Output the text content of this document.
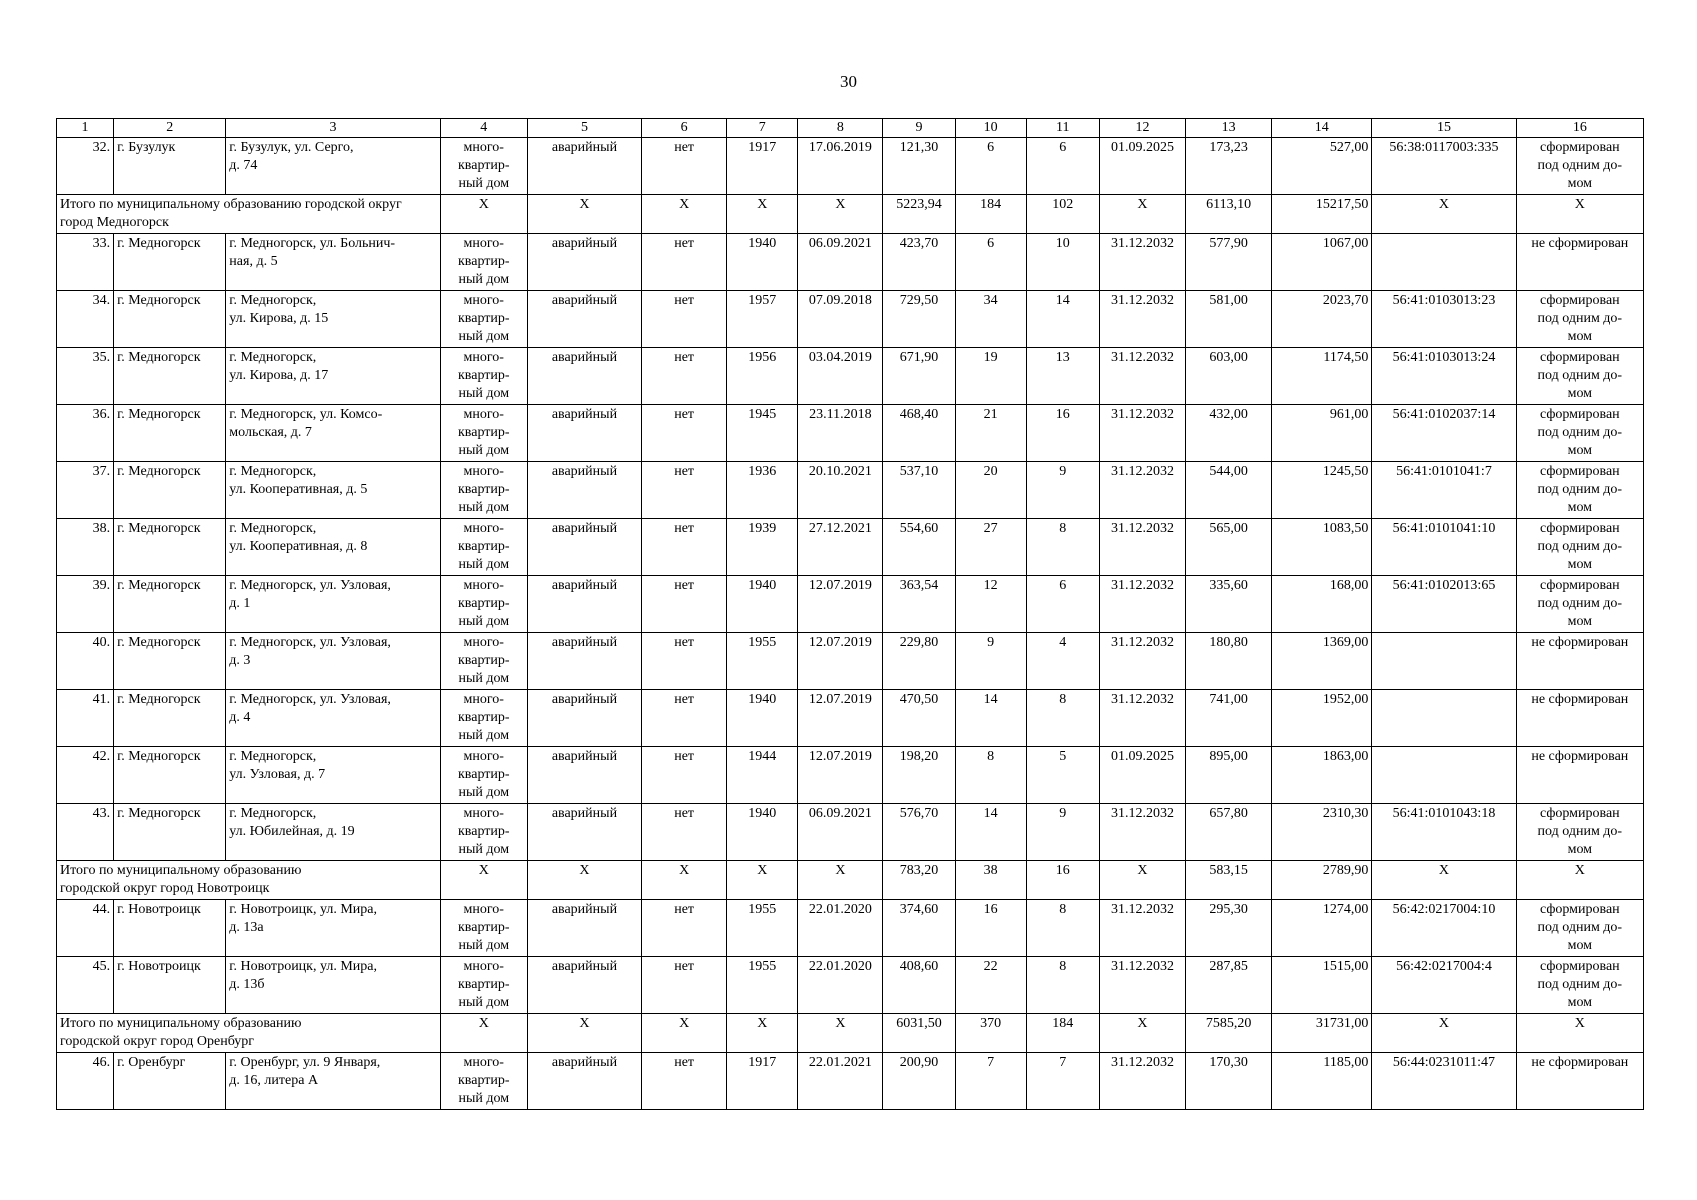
30
1	2	3	4	5	6	7	8	9	10	11	12	13	14	15	16
32.	г. Бузулук	г. Бузулук, ул. Серго,
д. 74	много-
квартир-
ный дом	аварийный	нет	1917	17.06.2019	121,30	6	6	01.09.2025	173,23	527,00	56:38:0117003:335	сформирован
под одним до-
мом
Итого по муниципальному образованию городской округ город Медногорск			X	X	X	X	X	5223,94	184	102	X	6113,10	15217,50	X	X
33.	г. Медногорск	г. Медногорск, ул. Больнич-
ная, д. 5	много-
квартир-
ный дом	аварийный	нет	1940	06.09.2021	423,70	6	10	31.12.2032	577,90	1067,00		не сформирован
34.	г. Медногорск	г. Медногорск,
ул. Кирова, д. 15	много-
квартир-
ный дом	аварийный	нет	1957	07.09.2018	729,50	34	14	31.12.2032	581,00	2023,70	56:41:0103013:23	сформирован
под одним до-
мом
35.	г. Медногорск	г. Медногорск,
ул. Кирова, д. 17	много-
квартир-
ный дом	аварийный	нет	1956	03.04.2019	671,90	19	13	31.12.2032	603,00	1174,50	56:41:0103013:24	сформирован
под одним до-
мом
36.	г. Медногорск	г. Медногорск, ул. Комсо-
мольская, д. 7	много-
квартир-
ный дом	аварийный	нет	1945	23.11.2018	468,40	21	16	31.12.2032	432,00	961,00	56:41:0102037:14	сформирован
под одним до-
мом
37.	г. Медногорск	г. Медногорск,
ул. Кооперативная, д. 5	много-
квартир-
ный дом	аварийный	нет	1936	20.10.2021	537,10	20	9	31.12.2032	544,00	1245,50	56:41:0101041:7	сформирован
под одним до-
мом
38.	г. Медногорск	г. Медногорск,
ул. Кооперативная, д. 8	много-
квартир-
ный дом	аварийный	нет	1939	27.12.2021	554,60	27	8	31.12.2032	565,00	1083,50	56:41:0101041:10	сформирован
под одним до-
мом
39.	г. Медногорск	г. Медногорск, ул. Узловая,
д. 1	много-
квартир-
ный дом	аварийный	нет	1940	12.07.2019	363,54	12	6	31.12.2032	335,60	168,00	56:41:0102013:65	сформирован
под одним до-
мом
40.	г. Медногорск	г. Медногорск, ул. Узловая,
д. 3	много-
квартир-
ный дом	аварийный	нет	1955	12.07.2019	229,80	9	4	31.12.2032	180,80	1369,00		не сформирован
41.	г. Медногорск	г. Медногорск, ул. Узловая,
д. 4	много-
квартир-
ный дом	аварийный	нет	1940	12.07.2019	470,50	14	8	31.12.2032	741,00	1952,00		не сформирован
42.	г. Медногорск	г. Медногорск,
ул. Узловая, д. 7	много-
квартир-
ный дом	аварийный	нет	1944	12.07.2019	198,20	8	5	01.09.2025	895,00	1863,00		не сформирован
43.	г. Медногорск	г. Медногорск,
ул. Юбилейная, д. 19	много-
квартир-
ный дом	аварийный	нет	1940	06.09.2021	576,70	14	9	31.12.2032	657,80	2310,30	56:41:0101043:18	сформирован
под одним до-
мом
Итого по муниципальному образованию
городской округ город Новотроицк			X	X	X	X	X	783,20	38	16	X	583,15	2789,90	X	X
44.	г. Новотроицк	г. Новотроицк, ул. Мира,
д. 13а	много-
квартир-
ный дом	аварийный	нет	1955	22.01.2020	374,60	16	8	31.12.2032	295,30	1274,00	56:42:0217004:10	сформирован
под одним до-
мом
45.	г. Новотроицк	г. Новотроицк, ул. Мира,
д. 13б	много-
квартир-
ный дом	аварийный	нет	1955	22.01.2020	408,60	22	8	31.12.2032	287,85	1515,00	56:42:0217004:4	сформирован
под одним до-
мом
Итого по муниципальному образованию
городской округ город Оренбург			X	X	X	X	X	6031,50	370	184	X	7585,20	31731,00	X	X
46.	г. Оренбург	г. Оренбург, ул. 9 Января,
д. 16, литера А	много-
квартир-
ный дом	аварийный	нет	1917	22.01.2021	200,90	7	7	31.12.2032	170,30	1185,00	56:44:0231011:47	не сформирован
